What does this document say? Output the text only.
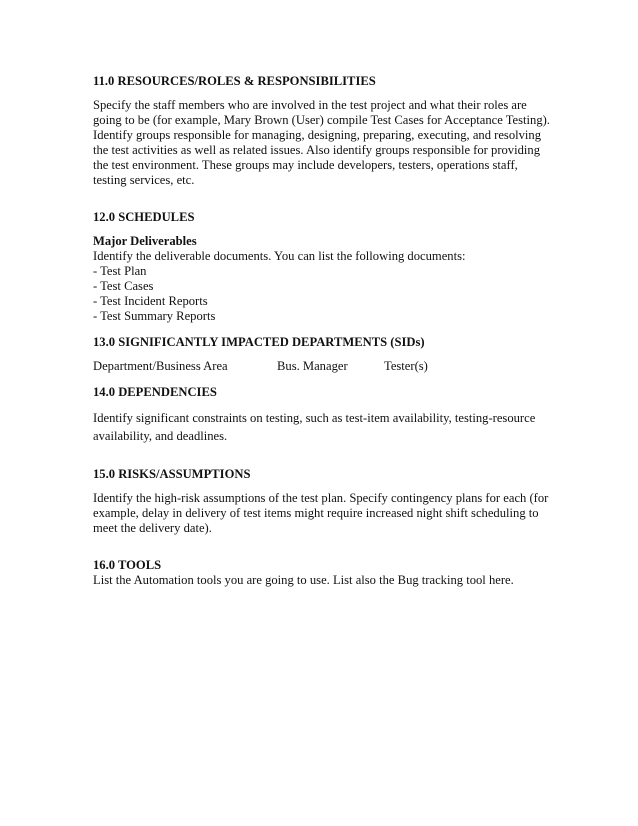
11.0 RESOURCES/ROLES & RESPONSIBILITIES

Specify the staff members who are involved in the test project and what their roles are going to be (for example, Mary Brown (User) compile Test Cases for Acceptance Testing). Identify groups responsible for managing, designing, preparing, executing, and resolving the test activities as well as related issues. Also identify groups responsible for providing the test environment. These groups may include developers, testers, operations staff, testing services, etc.

12.0 SCHEDULES

Major Deliverables

Identify the deliverable documents. You can list the following documents:

- Test Plan
- Test Cases
- Test Incident Reports
- Test Summary Reports

13.0 SIGNIFICANTLY IMPACTED DEPARTMENTS (SIDs)

Department/Business Area	Bus. Manager	Tester(s)

14.0 DEPENDENCIES

Identify significant constraints on testing, such as test-item availability, testing-resource availability, and deadlines.

15.0 RISKS/ASSUMPTIONS

Identify the high-risk assumptions of the test plan. Specify contingency plans for each (for example, delay in delivery of test items might require increased night shift scheduling to meet the delivery date).

16.0 TOOLS

List the Automation tools you are going to use. List also the Bug tracking tool here.
